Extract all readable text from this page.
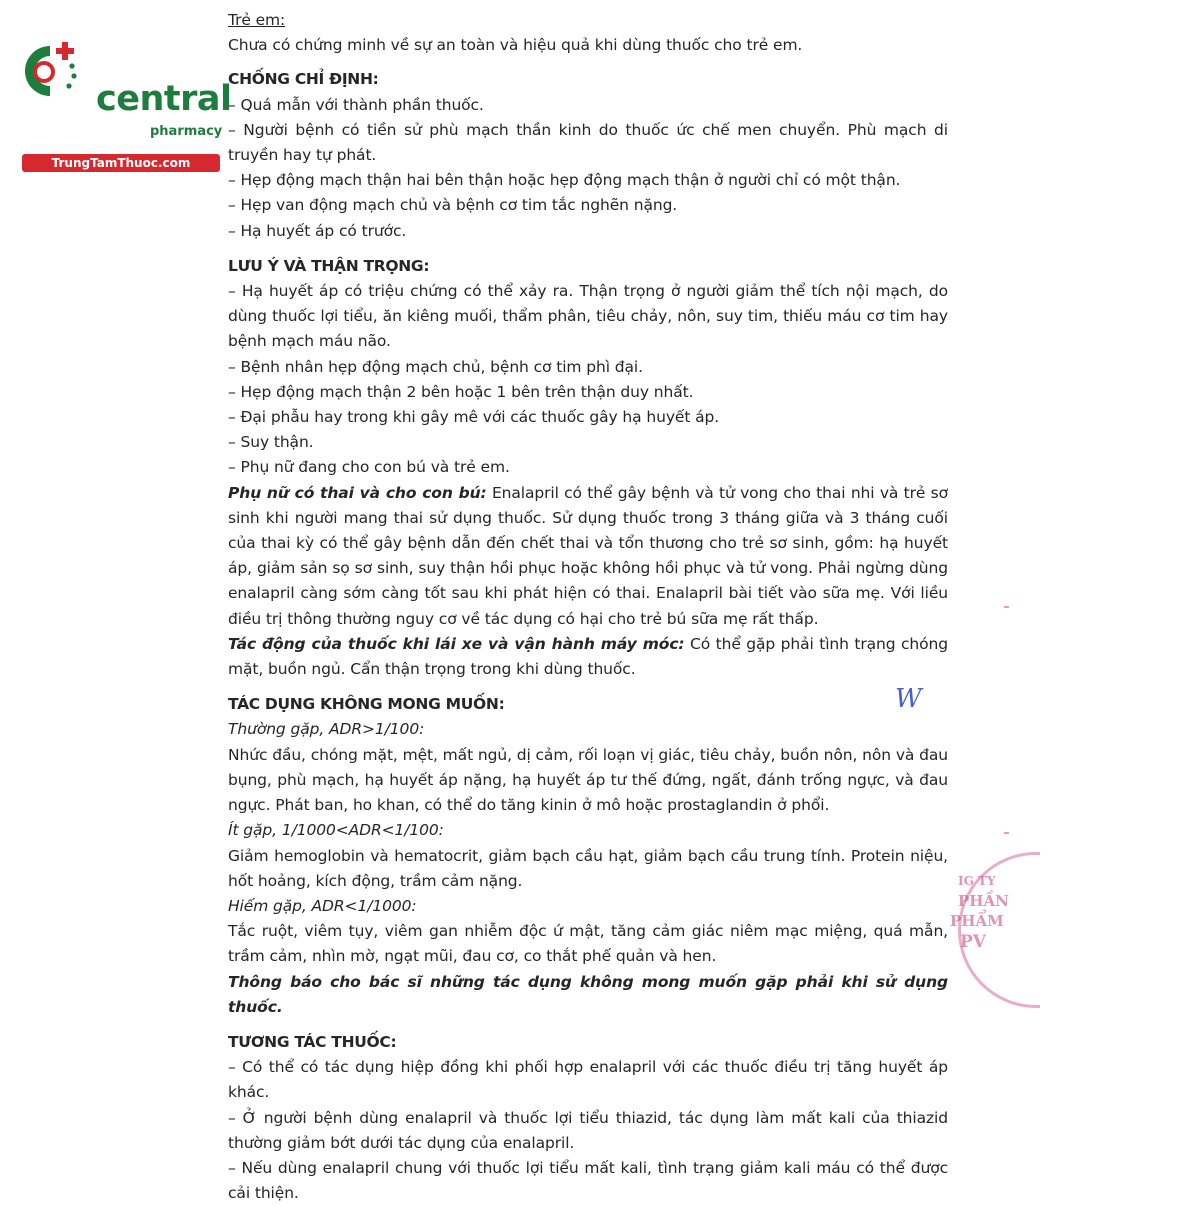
central
pharmacy
TrungTamThuoc.com

Trẻ em:

Chưa có chứng minh về sự an toàn và hiệu quả khi dùng thuốc cho trẻ em.

CHỐNG CHỈ ĐỊNH:

– Quá mẫn với thành phần thuốc.

– Người bệnh có tiền sử phù mạch thần kinh do thuốc ức chế men chuyển. Phù mạch di truyền hay tự phát.

– Hẹp động mạch thận hai bên thận hoặc hẹp động mạch thận ở người chỉ có một thận.

– Hẹp van động mạch chủ và bệnh cơ tim tắc nghẽn nặng.

– Hạ huyết áp có trước.

LƯU Ý VÀ THẬN TRỌNG:

– Hạ huyết áp có triệu chứng có thể xảy ra. Thận trọng ở người giảm thể tích nội mạch, do dùng thuốc lợi tiểu, ăn kiêng muối, thẩm phân, tiêu chảy, nôn, suy tim, thiếu máu cơ tim hay bệnh mạch máu não.

– Bệnh nhân hẹp động mạch chủ, bệnh cơ tim phì đại.

– Hẹp động mạch thận 2 bên hoặc 1 bên trên thận duy nhất.

– Đại phẫu hay trong khi gây mê với các thuốc gây hạ huyết áp.

– Suy thận.

– Phụ nữ đang cho con bú và trẻ em.

Phụ nữ có thai và cho con bú: Enalapril có thể gây bệnh và tử vong cho thai nhi và trẻ sơ sinh khi người mang thai sử dụng thuốc. Sử dụng thuốc trong 3 tháng giữa và 3 tháng cuối của thai kỳ có thể gây bệnh dẫn đến chết thai và tổn thương cho trẻ sơ sinh, gồm: hạ huyết áp, giảm sản sọ sơ sinh, suy thận hồi phục hoặc không hồi phục và tử vong. Phải ngừng dùng enalapril càng sớm càng tốt sau khi phát hiện có thai. Enalapril bài tiết vào sữa mẹ. Với liều điều trị thông thường nguy cơ về tác dụng có hại cho trẻ bú sữa mẹ rất thấp.

Tác động của thuốc khi lái xe và vận hành máy móc: Có thể gặp phải tình trạng chóng mặt, buồn ngủ. Cẩn thận trọng trong khi dùng thuốc.

TÁC DỤNG KHÔNG MONG MUỐN:

Thường gặp, ADR>1/100:

Nhức đầu, chóng mặt, mệt, mất ngủ, dị cảm, rối loạn vị giác, tiêu chảy, buồn nôn, nôn và đau bụng, phù mạch, hạ huyết áp nặng, hạ huyết áp tư thế đứng, ngất, đánh trống ngực, và đau ngực. Phát ban, ho khan, có thể do tăng kinin ở mô hoặc prostaglandin ở phổi.

Ít gặp, 1/1000<ADR<1/100:

Giảm hemoglobin và hematocrit, giảm bạch cầu hạt, giảm bạch cầu trung tính. Protein niệu, hốt hoảng, kích động, trầm cảm nặng.

Hiếm gặp, ADR<1/1000:

Tắc ruột, viêm tụy, viêm gan nhiễm độc ứ mật, tăng cảm giác niêm mạc miệng, quá mẫn, trầm cảm, nhìn mờ, ngạt mũi, đau cơ, co thắt phế quản và hen.

Thông báo cho bác sĩ những tác dụng không mong muốn gặp phải khi sử dụng thuốc.

TƯƠNG TÁC THUỐC:

– Có thể có tác dụng hiệp đồng khi phối hợp enalapril với các thuốc điều trị tăng huyết áp khác.

– Ở người bệnh dùng enalapril và thuốc lợi tiểu thiazid, tác dụng làm mất kali của thiazid thường giảm bớt dưới tác dụng của enalapril.

– Nếu dùng enalapril chung với thuốc lợi tiểu mất kali, tình trạng giảm kali máu có thể được cải thiện.

W
IG TY
PHẦN
PHẨM
PV
